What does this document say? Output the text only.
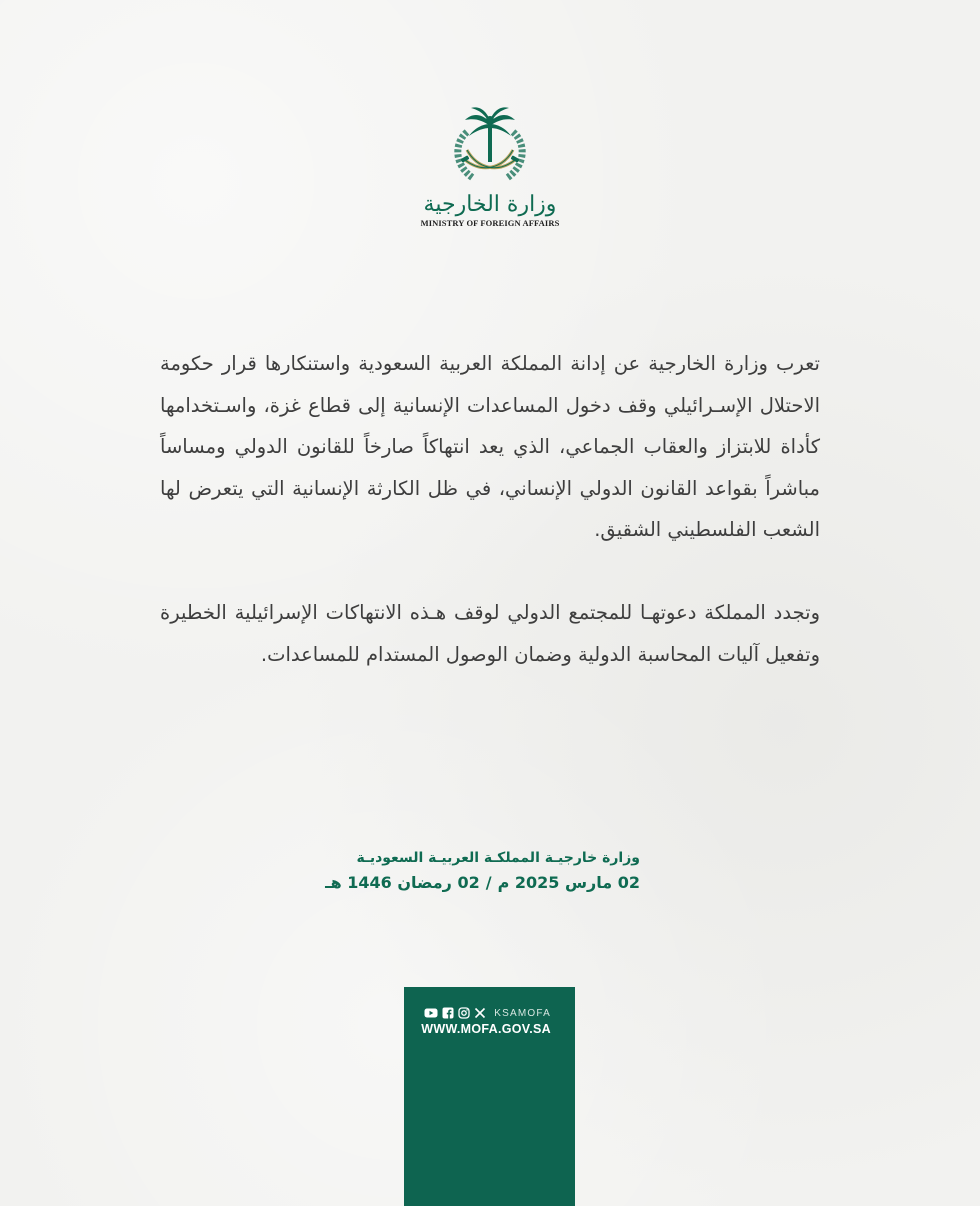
وزارة الخارجية
MINISTRY OF FOREIGN AFFAIRS

تعرب وزارة الخارجية عن إدانة المملكة العربية السعودية واستنكارها قرار حكومة الاحتلال الإسـرائيلي وقف دخول المساعدات الإنسانية إلى قطاع غزة، واسـتخدامها كأداة للابتزاز والعقاب الجماعي، الذي يعد انتهاكاً صارخاً للقانون الدولي ومساساً مباشراً بقواعد القانون الدولي الإنساني، في ظل الكارثة الإنسانية التي يتعرض لها الشعب الفلسطيني الشقيق.

وتجدد المملكة دعوتهـا للمجتمع الدولي لوقف هـذه الانتهاكات الإسرائيلية الخطيرة وتفعيل آليات المحاسبة الدولية وضمان الوصول المستدام للمساعدات.

وزارة خارجيـة المملكـة العربيـة السعوديـة
02 مارس 2025 م/02 رمضان 1446 هـ
KSAMOFA
WWW.MOFA.GOV.SA
